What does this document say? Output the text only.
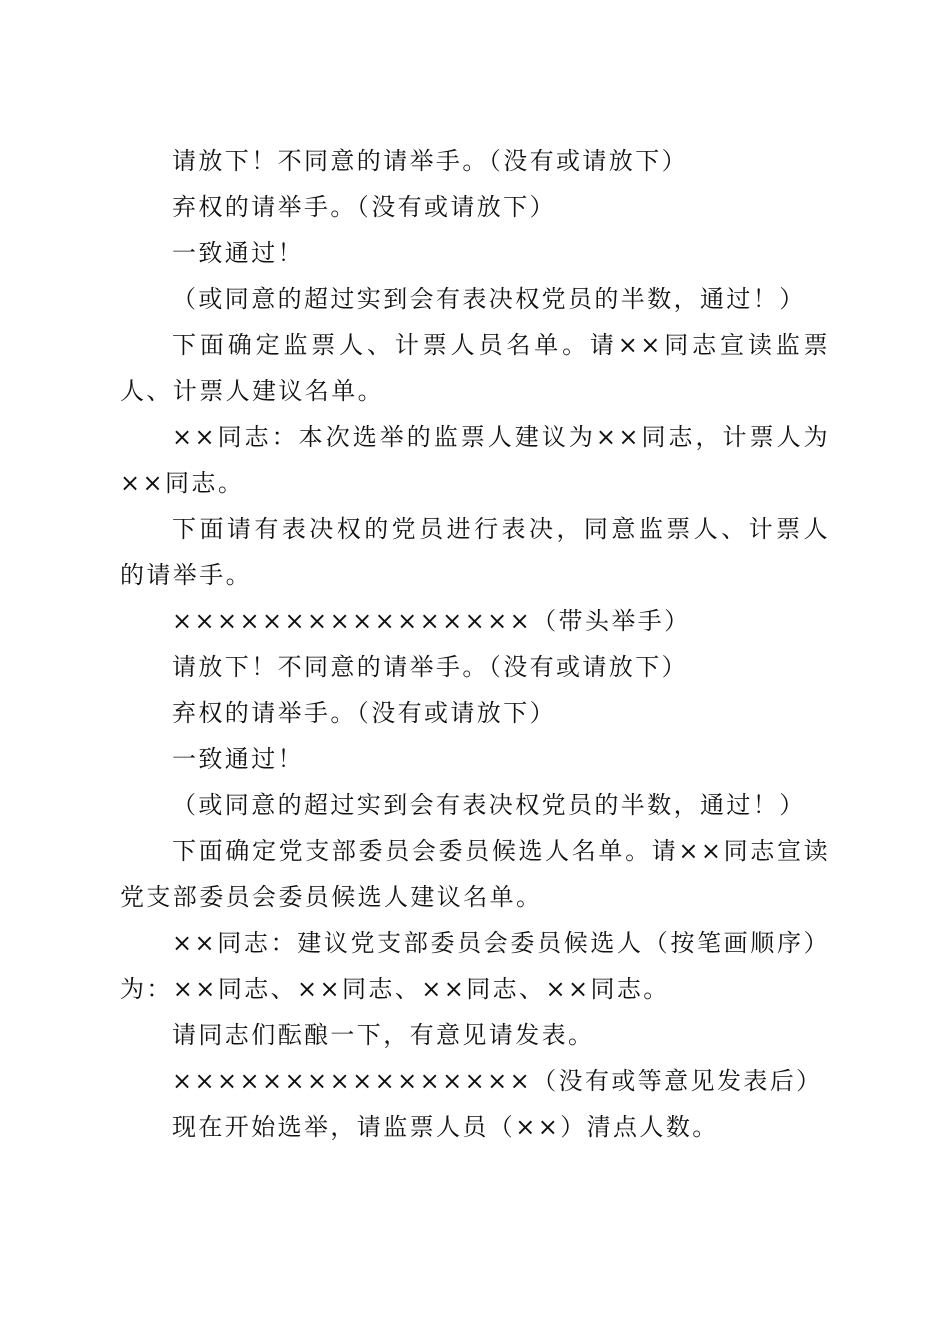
请放下！不同意的请举手。（没有或请放下）

弃权的请举手。（没有或请放下）

一致通过！

（或同意的超过实到会有表决权党员的半数，通过！）

下面确定监票人、计票人员名单。请××同志宣读监票人、计票人建议名单。

××同志：本次选举的监票人建议为××同志，计票人为××同志。

下面请有表决权的党员进行表决，同意监票人、计票人的请举手。

××××××××××××××××（带头举手）

请放下！不同意的请举手。（没有或请放下）

弃权的请举手。（没有或请放下）

一致通过！

（或同意的超过实到会有表决权党员的半数，通过！）

下面确定党支部委员会委员候选人名单。请××同志宣读党支部委员会委员候选人建议名单。

××同志：建议党支部委员会委员候选人（按笔画顺序）为：××同志、××同志、××同志、××同志。

请同志们酝酿一下，有意见请发表。

××××××××××××××××（没有或等意见发表后）

现在开始选举，请监票人员（××）清点人数。
